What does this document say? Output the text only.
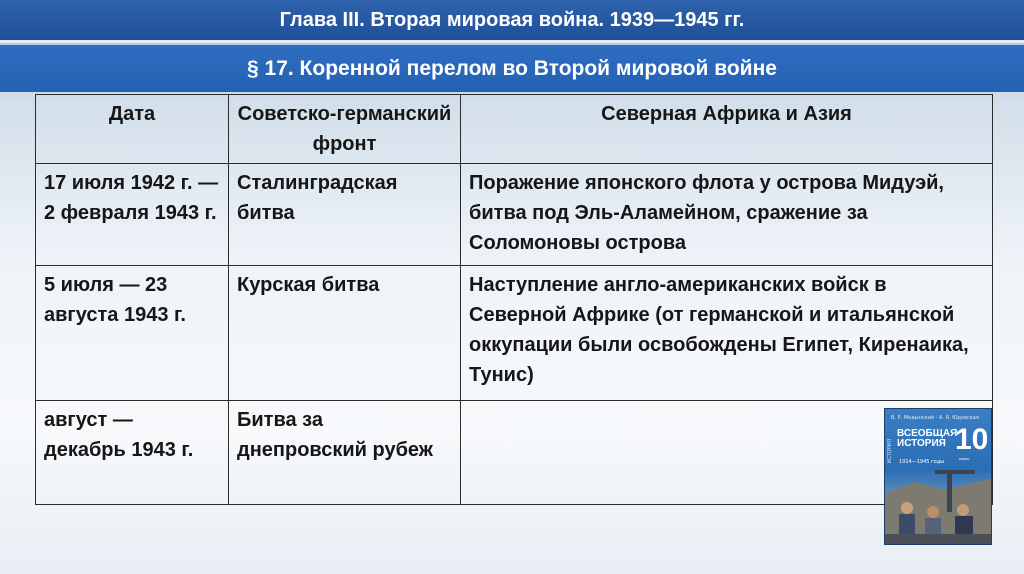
Глава III. Вторая мировая война. 1939—1945 гг.
§ 17. Коренной перелом во Второй мировой войне
Дата	Советско-германский фронт	Северная Африка и Азия
17 июля 1942 г. — 2 февраля 1943 г.	Сталинградская битва	Поражение японского флота у острова Мидуэй, битва под Эль-Аламейном, сражение за Соломоновы острова
5 июля — 23 августа 1943 г.	Курская битва	Наступление англо-американских войск в Северной Африке (от германской и итальянской оккупации были освобождены Египет, Киренаика, Тунис)
август — декабрь 1943 г.	Битва за днепровский рубеж	
В. Р. Медынский · А. Я. Юдовская
ИСТОРИЯ
ВСЕОБЩАЯ
ИСТОРИЯ 10
класс
1914—1945 годы
